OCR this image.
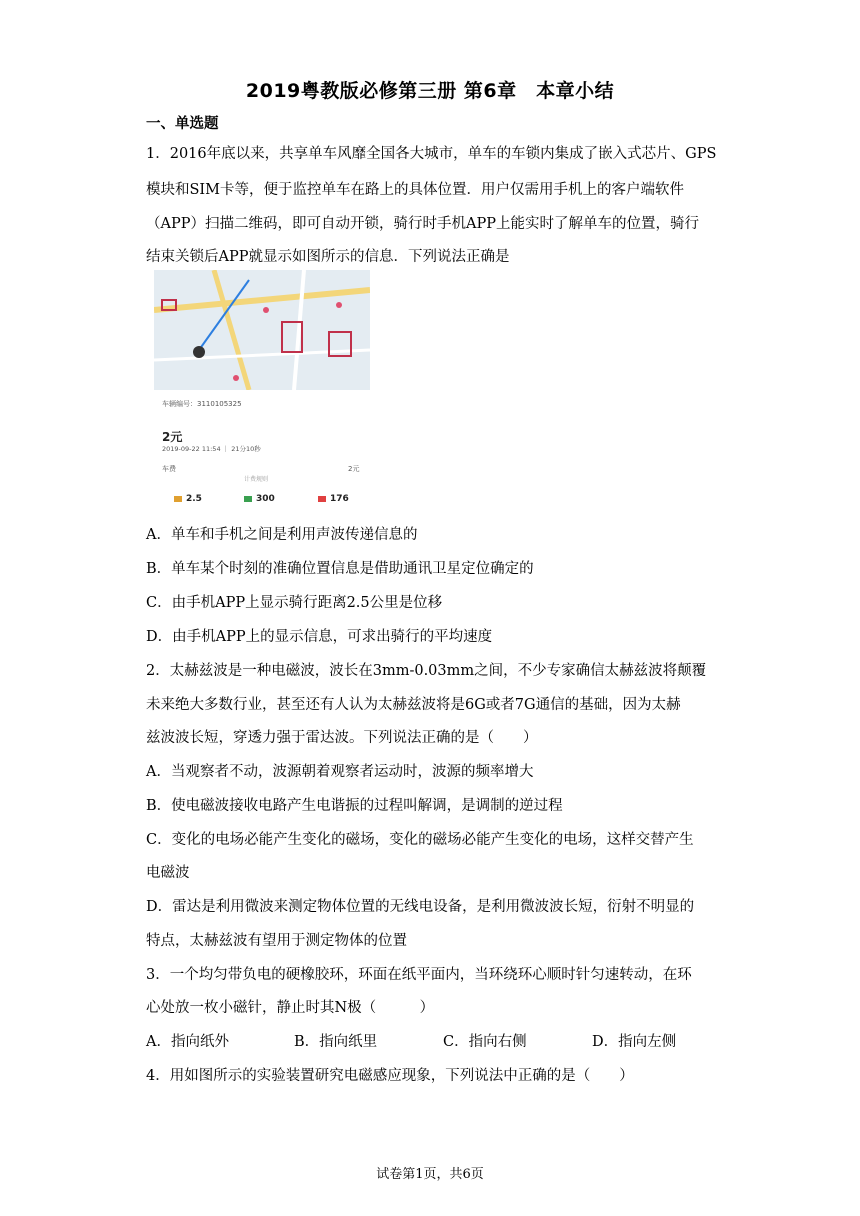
2019粤教版必修第三册 第6章　本章小结
一、单选题
1．2016年底以来，共享单车风靡全国各大城市，单车的车锁内集成了嵌入式芯片、GPS
模块和SIM卡等，便于监控单车在路上的具体位置．用户仅需用手机上的客户端软件
（APP）扫描二维码，即可自动开锁，骑行时手机APP上能实时了解单车的位置，骑行
结束关锁后APP就显示如图所示的信息．下列说法正确是
车辆编号：3110105325
2元
2019-09-22 11:54 ｜ 21分10秒
车费	2元
计费规则
2.5	300	176
A．单车和手机之间是利用声波传递信息的
B．单车某个时刻的准确位置信息是借助通讯卫星定位确定的
C．由手机APP上显示骑行距离2.5公里是位移
D．由手机APP上的显示信息，可求出骑行的平均速度
2．太赫兹波是一种电磁波，波长在3mm-0.03mm之间，不少专家确信太赫兹波将颠覆
未来绝大多数行业，甚至还有人认为太赫兹波将是6G或者7G通信的基础，因为太赫
兹波波长短，穿透力强于雷达波。下列说法正确的是（　　）
A．当观察者不动，波源朝着观察者运动时，波源的频率增大
B．使电磁波接收电路产生电谐振的过程叫解调，是调制的逆过程
C．变化的电场必能产生变化的磁场，变化的磁场必能产生变化的电场，这样交替产生
电磁波
D．雷达是利用微波来测定物体位置的无线电设备，是利用微波波长短，衍射不明显的
特点，太赫兹波有望用于测定物体的位置
3．一个均匀带负电的硬橡胶环，环面在纸平面内，当环绕环心顺时针匀速转动，在环
心处放一枚小磁针，静止时其N极（　　　）
A．指向纸外	B．指向纸里	C．指向右侧	D．指向左侧
4．用如图所示的实验装置研究电磁感应现象，下列说法中正确的是（　　）
试卷第1页，共6页
